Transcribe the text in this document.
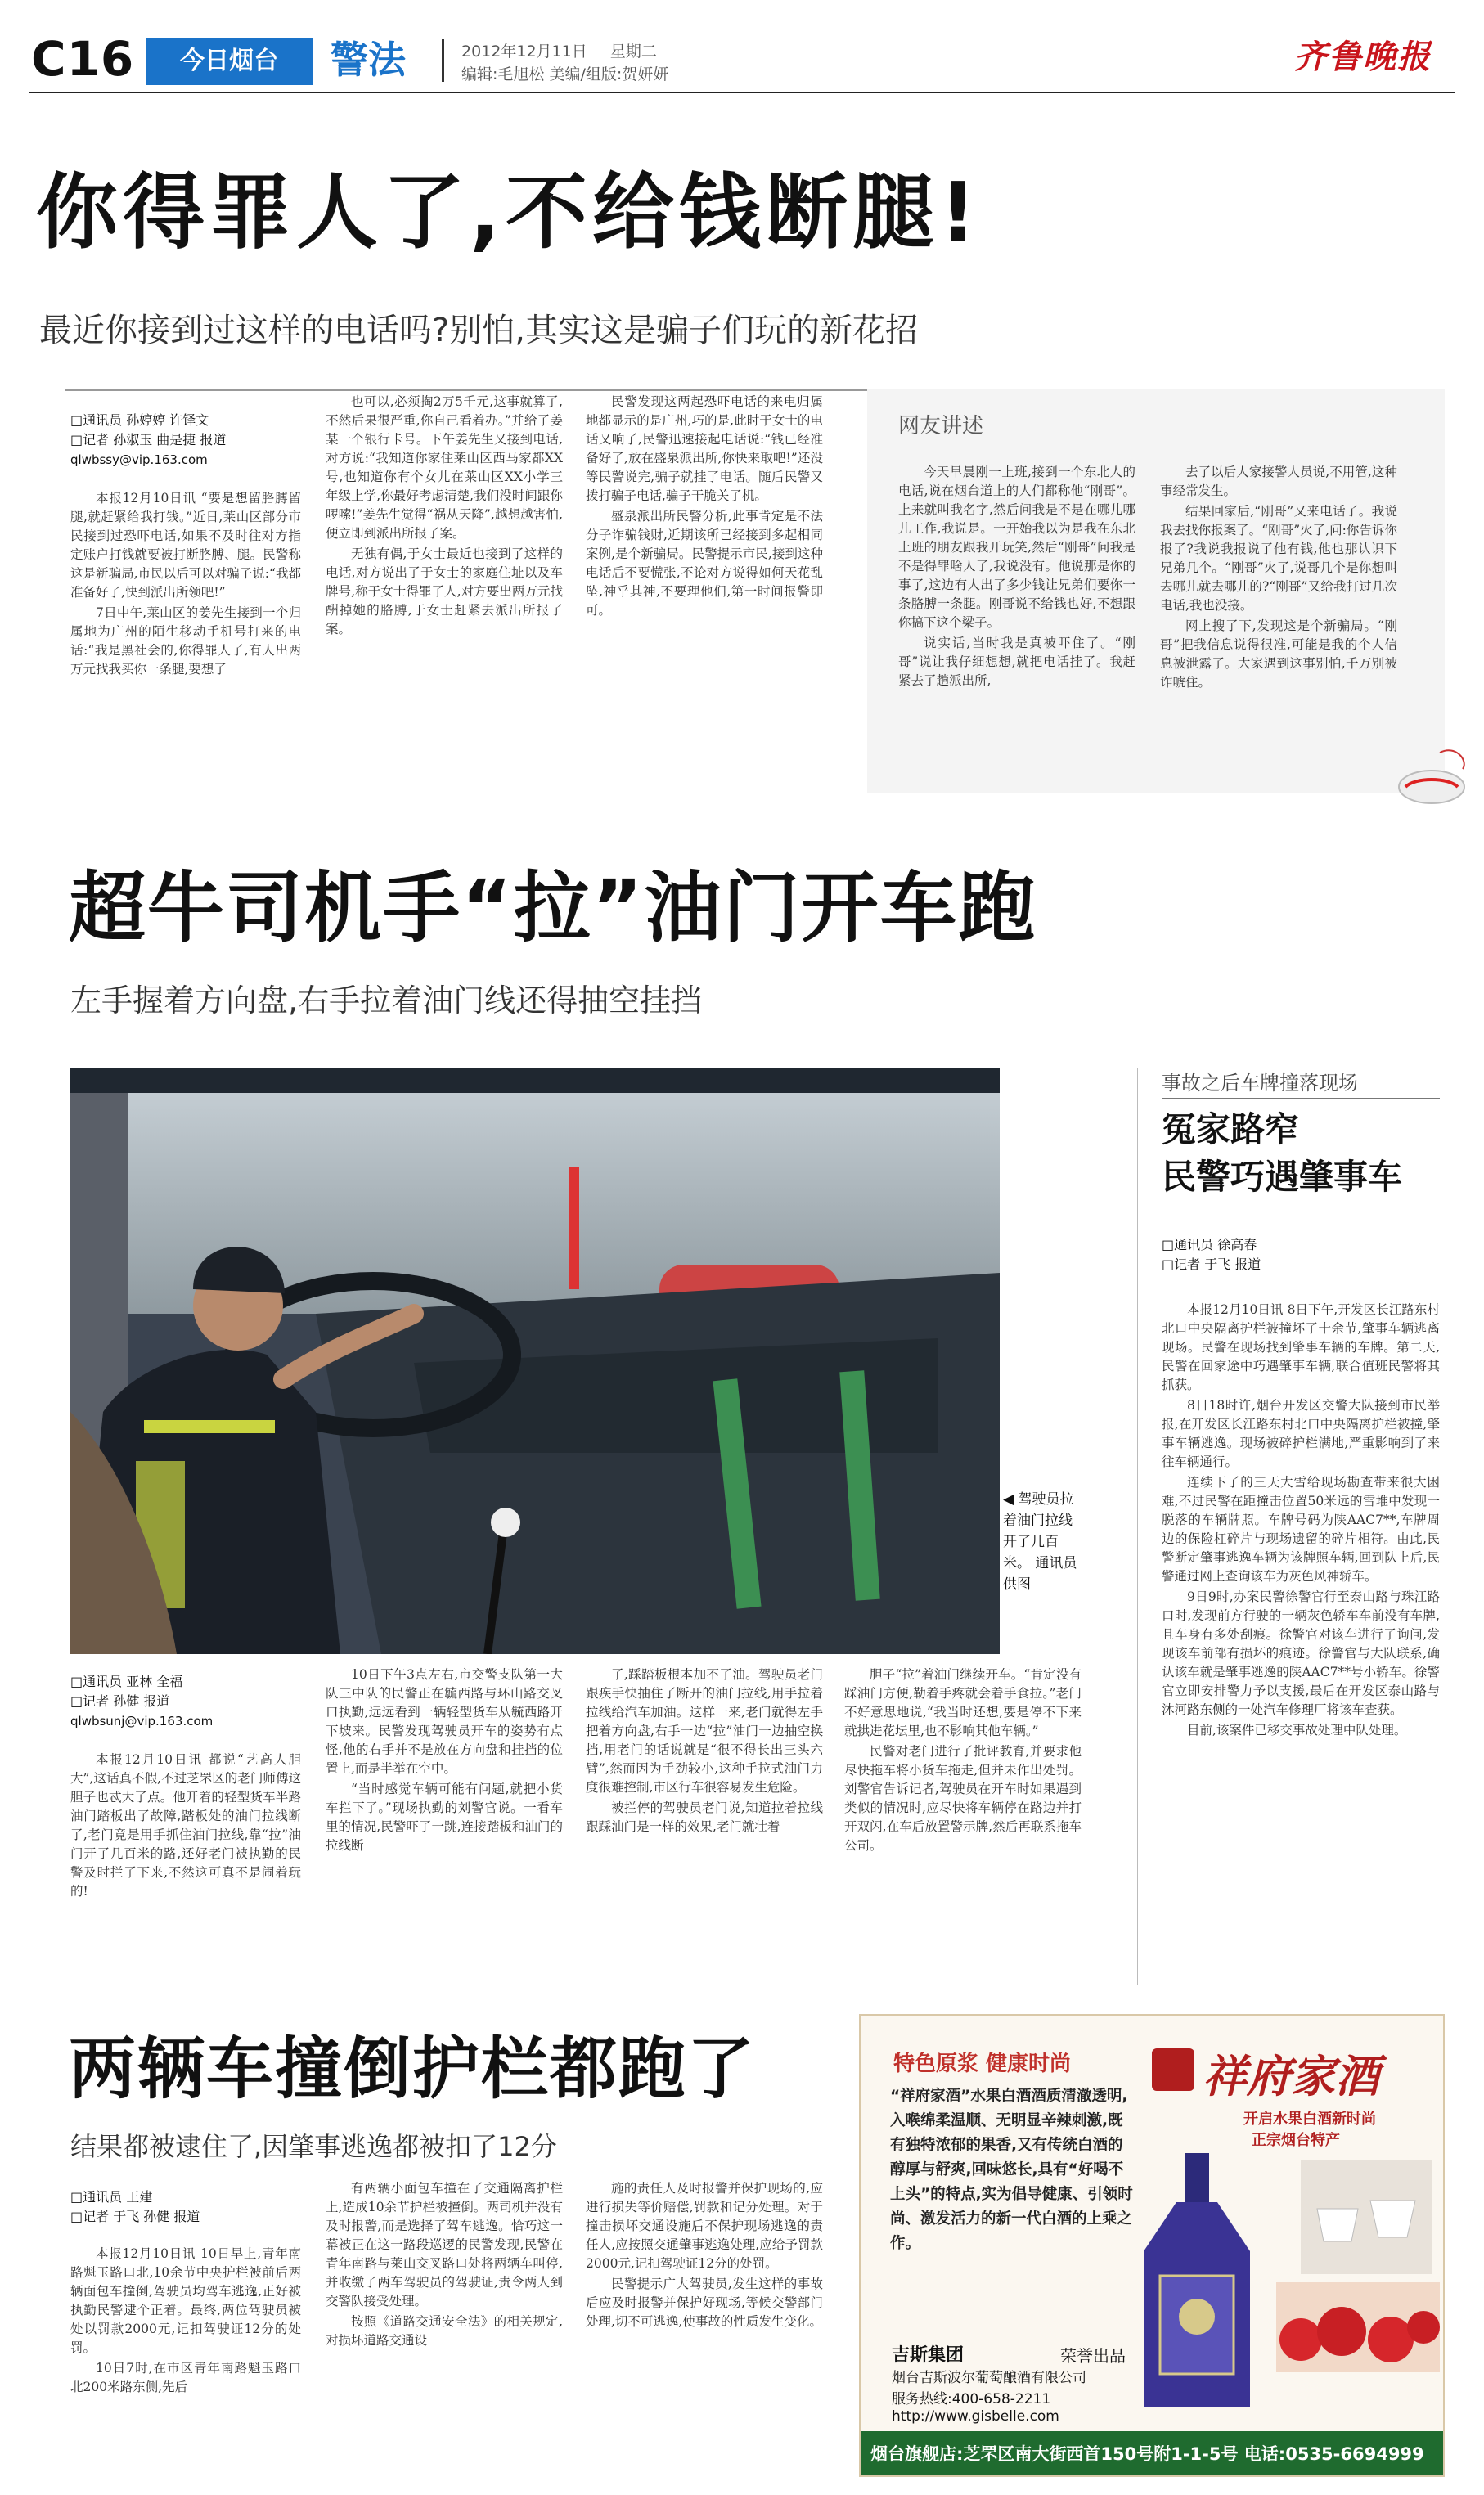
C16	今日烟台	警法	2012年12月11日 星期二
编辑:毛旭松 美编/组版:贺妍妍	齐鲁晚报
你得罪人了,不给钱断腿!
最近你接到过这样的电话吗?别怕,其实这是骗子们玩的新花招
□通讯员 孙婷婷 许铎文
□记者 孙淑玉 曲是捷 报道
qlwbssy@vip.163.com

本报12月10日讯 “要是想留胳膊留腿,就赶紧给我打钱。”近日,莱山区部分市民接到过恐吓电话,如果不及时往对方指定账户打钱就要被打断胳膊、腿。民警称这是新骗局,市民以后可以对骗子说:“我都准备好了,快到派出所领吧!”

7日中午,莱山区的姜先生接到一个归属地为广州的陌生移动手机号打来的电话:“我是黑社会的,你得罪人了,有人出两万元找我买你一条腿,要想了

也可以,必须掏2万5千元,这事就算了,不然后果很严重,你自己看着办。”并给了姜某一个银行卡号。下午姜先生又接到电话,对方说:“我知道你家住莱山区西马家都XX号,也知道你有个女儿在莱山区XX小学三年级上学,你最好考虑清楚,我们没时间跟你啰嗦!”姜先生觉得“祸从天降”,越想越害怕,便立即到派出所报了案。

无独有偶,于女士最近也接到了这样的电话,对方说出了于女士的家庭住址以及车牌号,称于女士得罪了人,对方要出两万元找酬掉她的胳膊,于女士赶紧去派出所报了案。

民警发现这两起恐吓电话的来电归属地都显示的是广州,巧的是,此时于女士的电话又响了,民警迅速接起电话说:“钱已经准备好了,放在盛泉派出所,你快来取吧!”还没等民警说完,骗子就挂了电话。随后民警又拨打骗子电话,骗子干脆关了机。

盛泉派出所民警分析,此事肯定是不法分子诈骗钱财,近期该所已经接到多起相同案例,是个新骗局。民警提示市民,接到这种电话后不要慌张,不论对方说得如何天花乱坠,神乎其神,不要理他们,第一时间报警即可。

网友讲述

今天早晨刚一上班,接到一个东北人的电话,说在烟台道上的人们都称他“刚哥”。上来就叫我名字,然后问我是不是在哪儿哪儿工作,我说是。一开始我以为是我在东北上班的朋友跟我开玩笑,然后“刚哥”问我是不是得罪啥人了,我说没有。他说那是你的事了,这边有人出了多少钱让兄弟们要你一条胳膊一条腿。刚哥说不给钱也好,不想跟你搞下这个梁子。

说实话,当时我是真被吓住了。“刚哥”说让我仔细想想,就把电话挂了。我赶紧去了趟派出所,

去了以后人家接警人员说,不用管,这种事经常发生。

结果回家后,“刚哥”又来电话了。我说我去找你报案了。“刚哥”火了,问:你告诉你报了?我说我报说了他有钱,他也那认识下兄弟几个。“刚哥”火了,说哥几个是你想叫去哪儿就去哪儿的?“刚哥”又给我打过几次电话,我也没接。

网上搜了下,发现这是个新骗局。“刚哥”把我信息说得很准,可能是我的个人信息被泄露了。大家遇到这事别怕,千万别被诈唬住。

超牛司机手“拉”油门开车跑
左手握着方向盘,右手拉着油门线还得抽空挂挡
◀ 驾驶员拉着油门拉线开了几百米。 通讯员 供图
□通讯员 亚林 全福
□记者 孙健 报道
qlwbsunj@vip.163.com

本报12月10日讯 都说“艺高人胆大”,这话真不假,不过芝罘区的老门师傅这胆子也忒大了点。他开着的轻型货车半路油门踏板出了故障,踏板处的油门拉线断了,老门竟是用手抓住油门拉线,靠“拉”油门开了几百米的路,还好老门被执勤的民警及时拦了下来,不然这可真不是闹着玩的!

10日下午3点左右,市交警支队第一大队三中队的民警正在毓西路与环山路交叉口执勤,远远看到一辆轻型货车从毓西路开下坡来。民警发现驾驶员开车的姿势有点怪,他的右手并不是放在方向盘和挂挡的位置上,而是半举在空中。

“当时感觉车辆可能有问题,就把小货车拦下了。”现场执勤的刘警官说。一看车里的情况,民警吓了一跳,连接踏板和油门的拉线断

了,踩踏板根本加不了油。驾驶员老门跟疾手快抽住了断开的油门拉线,用手拉着拉线给汽车加油。这样一来,老门就得左手把着方向盘,右手一边“拉”油门一边抽空换挡,用老门的话说就是“很不得长出三头六臂”,然而因为手劲较小,这种手拉式油门力度很难控制,市区行车很容易发生危险。

被拦停的驾驶员老门说,知道拉着拉线跟踩油门是一样的效果,老门就壮着

胆子“拉”着油门继续开车。“肯定没有踩油门方便,勒着手疼就会着手食拉。”老门不好意思地说,“我当时还想,要是停不下来就拱进花坛里,也不影响其他车辆。”

民警对老门进行了批评教育,并要求他尽快拖车将小货车拖走,但并未作出处罚。刘警官告诉记者,驾驶员在开车时如果遇到类似的情况时,应尽快将车辆停在路边并打开双闪,在车后放置警示牌,然后再联系拖车公司。

事故之后车牌撞落现场
冤家路窄
民警巧遇肇事车
□通讯员 徐高春
□记者 于飞 报道

本报12月10日讯 8日下午,开发区长江路东村北口中央隔离护栏被撞坏了十余节,肇事车辆逃离现场。民警在现场找到肇事车辆的车牌。第二天,民警在回家途中巧遇肇事车辆,联合值班民警将其抓获。

8日18时许,烟台开发区交警大队接到市民举报,在开发区长江路东村北口中央隔离护栏被撞,肇事车辆逃逸。现场被碎护栏满地,严重影响到了来往车辆通行。

连续下了的三天大雪给现场勘查带来很大困难,不过民警在距撞击位置50米远的雪堆中发现一脱落的车辆牌照。车牌号码为陕AAC7**,车牌周边的保险杠碎片与现场遗留的碎片相符。由此,民警断定肇事逃逸车辆为该牌照车辆,回到队上后,民警通过网上查询该车为灰色风神轿车。

9日9时,办案民警徐警官行至泰山路与珠江路口时,发现前方行驶的一辆灰色轿车车前没有车牌,且车身有多处刮痕。徐警官对该车进行了询问,发现该车前部有损坏的痕迹。徐警官与大队联系,确认该车就是肇事逃逸的陕AAC7**号小轿车。徐警官立即安排警力予以支援,最后在开发区泰山路与沐河路东侧的一处汽车修理厂将该车查获。

目前,该案件已移交事故处理中队处理。

两辆车撞倒护栏都跑了
结果都被逮住了,因肇事逃逸都被扣了12分
□通讯员 王建
□记者 于飞 孙健 报道

本报12月10日讯 10日早上,青年南路魁玉路口北,10余节中央护栏被前后两辆面包车撞倒,驾驶员均驾车逃逸,正好被执勤民警逮个正着。最终,两位驾驶员被处以罚款2000元,记扣驾驶证12分的处罚。

10日7时,在市区青年南路魁玉路口北200米路东侧,先后

有两辆小面包车撞在了交通隔离护栏上,造成10余节护栏被撞倒。两司机并没有及时报警,而是选择了驾车逃逸。恰巧这一幕被正在这一路段巡逻的民警发现,民警在青年南路与莱山交叉路口处将两辆车叫停,并收缴了两车驾驶员的驾驶证,责令两人到交警队接受处理。

按照《道路交通安全法》的相关规定,对损坏道路交通设

施的责任人及时报警并保护现场的,应进行损失等价赔偿,罚款和记分处理。对于撞击损坏交通设施后不保护现场逃逸的责任人,应按照交通肇事逃逸处理,应给予罚款2000元,记扣驾驶证12分的处罚。

民警提示广大驾驶员,发生这样的事故后应及时报警并保护好现场,等候交警部门处理,切不可逃逸,使事故的性质发生变化。

特色原浆 健康时尚	祥府家酒
开启水果白酒新时尚
正宗烟台特产
“祥府家酒”水果白酒酒质清澈透明,入喉绵柔温顺、无明显辛辣刺激,既有独特浓郁的果香,又有传统白酒的醇厚与舒爽,回味悠长,具有“好喝不上头”的特点,实为倡导健康、引领时尚、激发活力的新一代白酒的上乘之作。
吉斯集团	荣誉出品
烟台吉斯波尔葡萄酿酒有限公司
服务热线:400-658-2211
http://www.gisbelle.com
烟台旗舰店:芝罘区南大街西首150号附1-1-5号 电话:0535-6694999
